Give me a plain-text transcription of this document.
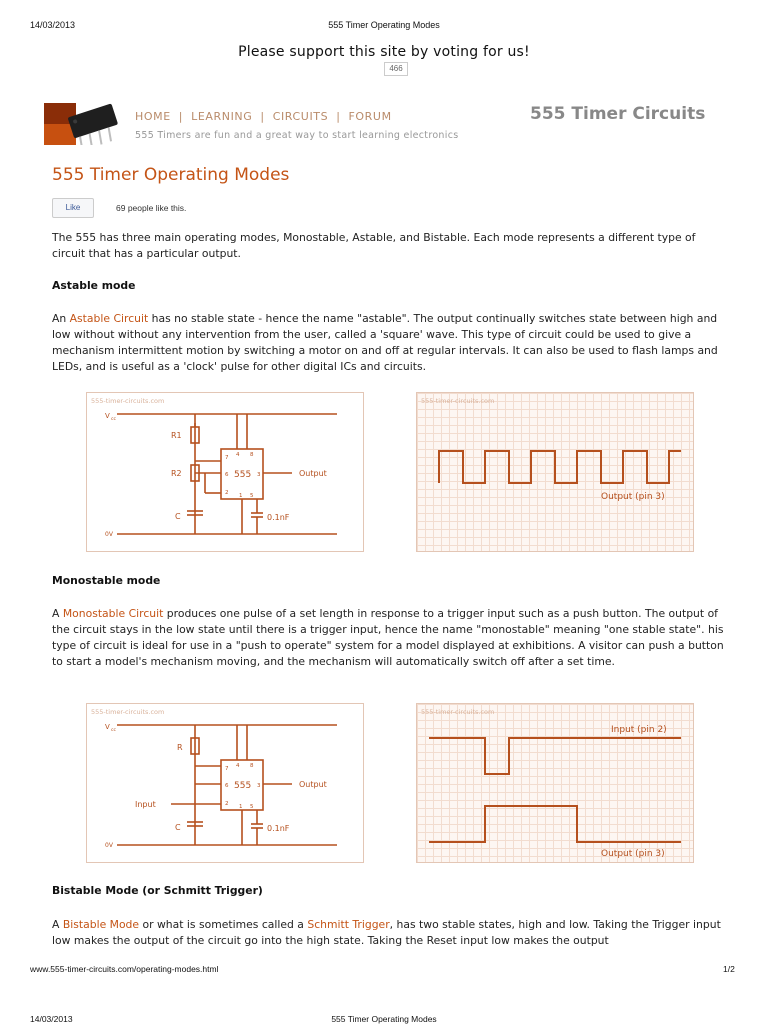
14/03/2013	555 Timer Operating Modes
Please support this site by voting for us!
466
HOME | LEARNING | CIRCUITS | FORUM
555 Timers are fun and a great way to start learning electronics
555 Timer Circuits
555 Timer Operating Modes
Like	69 people like this.
The 555 has three main operating modes, Monostable, Astable, and Bistable. Each mode represents a different type of circuit that has a particular output.
Astable mode
An Astable Circuit has no stable state - hence the name "astable". The output continually switches state between high and low without without any intervention from the user, called a 'square' wave. This type of circuit could be used to give a mechanism intermittent motion by switching a motor on and off at regular intervals. It can also be used to flash lamps and LEDs, and is useful as a 'clock' pulse for other digital ICs and circuits.
555-timer-circuits.com
V cc
0V
R1
R2
C
555	Output
0.1nF
7 4 8
6	3
2 1 5
555-timer-circuits.com
Output (pin 3)
Monostable mode
A Monostable Circuit produces one pulse of a set length in response to a trigger input such as a push button. The output of the circuit stays in the low state until there is a trigger input, hence the name "monostable" meaning "one stable state". his type of circuit is ideal for use in a "push to operate" system for a model displayed at exhibitions. A visitor can push a button to start a model's mechanism moving, and the mechanism will automatically switch off after a set time.
555-timer-circuits.com
V cc
0V
R
Input
C
555	Output
0.1nF
7 4 8
6	3
2 1 5
555-timer-circuits.com
Input (pin 2)
Output (pin 3)
Bistable Mode (or Schmitt Trigger)
A Bistable Mode or what is sometimes called a Schmitt Trigger, has two stable states, high and low. Taking the Trigger input low makes the output of the circuit go into the high state. Taking the Reset input low makes the output
www.555-timer-circuits.com/operating-modes.html	1/2
14/03/2013	555 Timer Operating Modes
